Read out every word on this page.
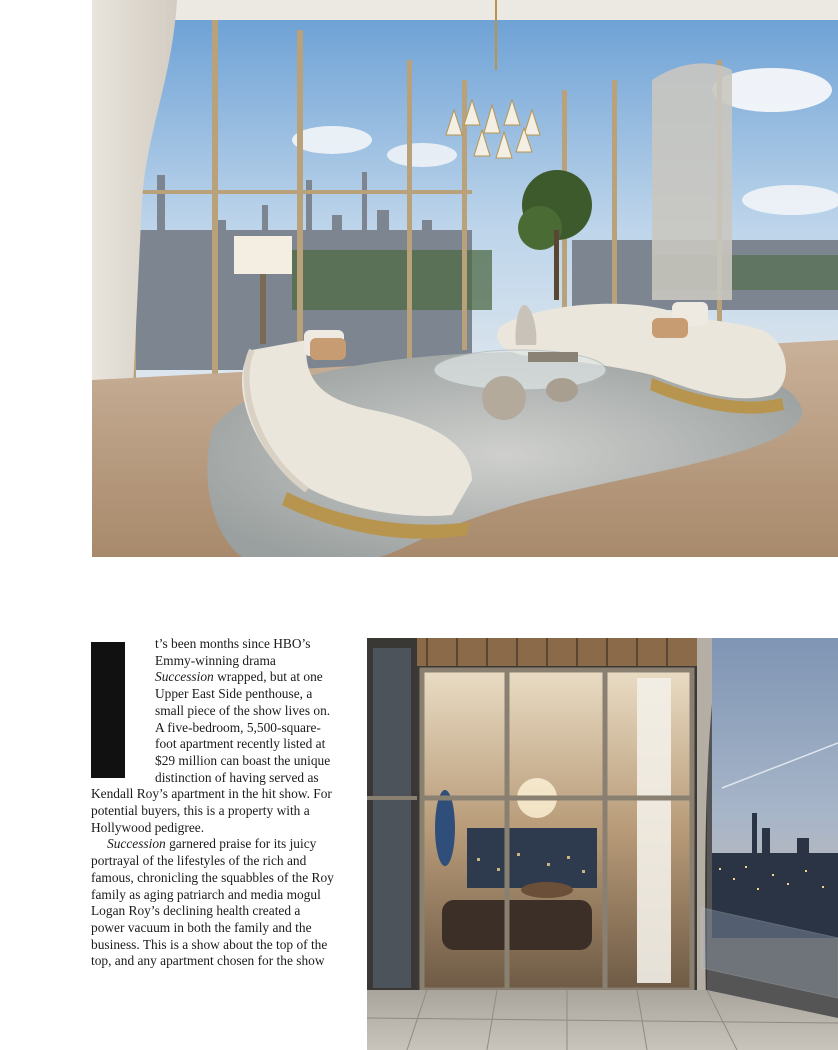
t’s been months since HBO’s Emmy-winning drama Succession wrapped, but at one Upper East Side penthouse, a small piece of the show lives on. A five-bedroom, 5,500-square-foot apartment recently listed at $29 million can boast the unique distinction of having served as Kendall Roy’s apartment in the hit show. For potential buyers, this is a property with a Hollywood pedigree.

Succession garnered praise for its juicy portrayal of the lifestyles of the rich and famous, chronicling the squabbles of the Roy family as aging patriarch and media mogul Logan Roy’s declining health created a power vacuum in both the family and the business. This is a show about the top of the top, and any apartment chosen for the show
